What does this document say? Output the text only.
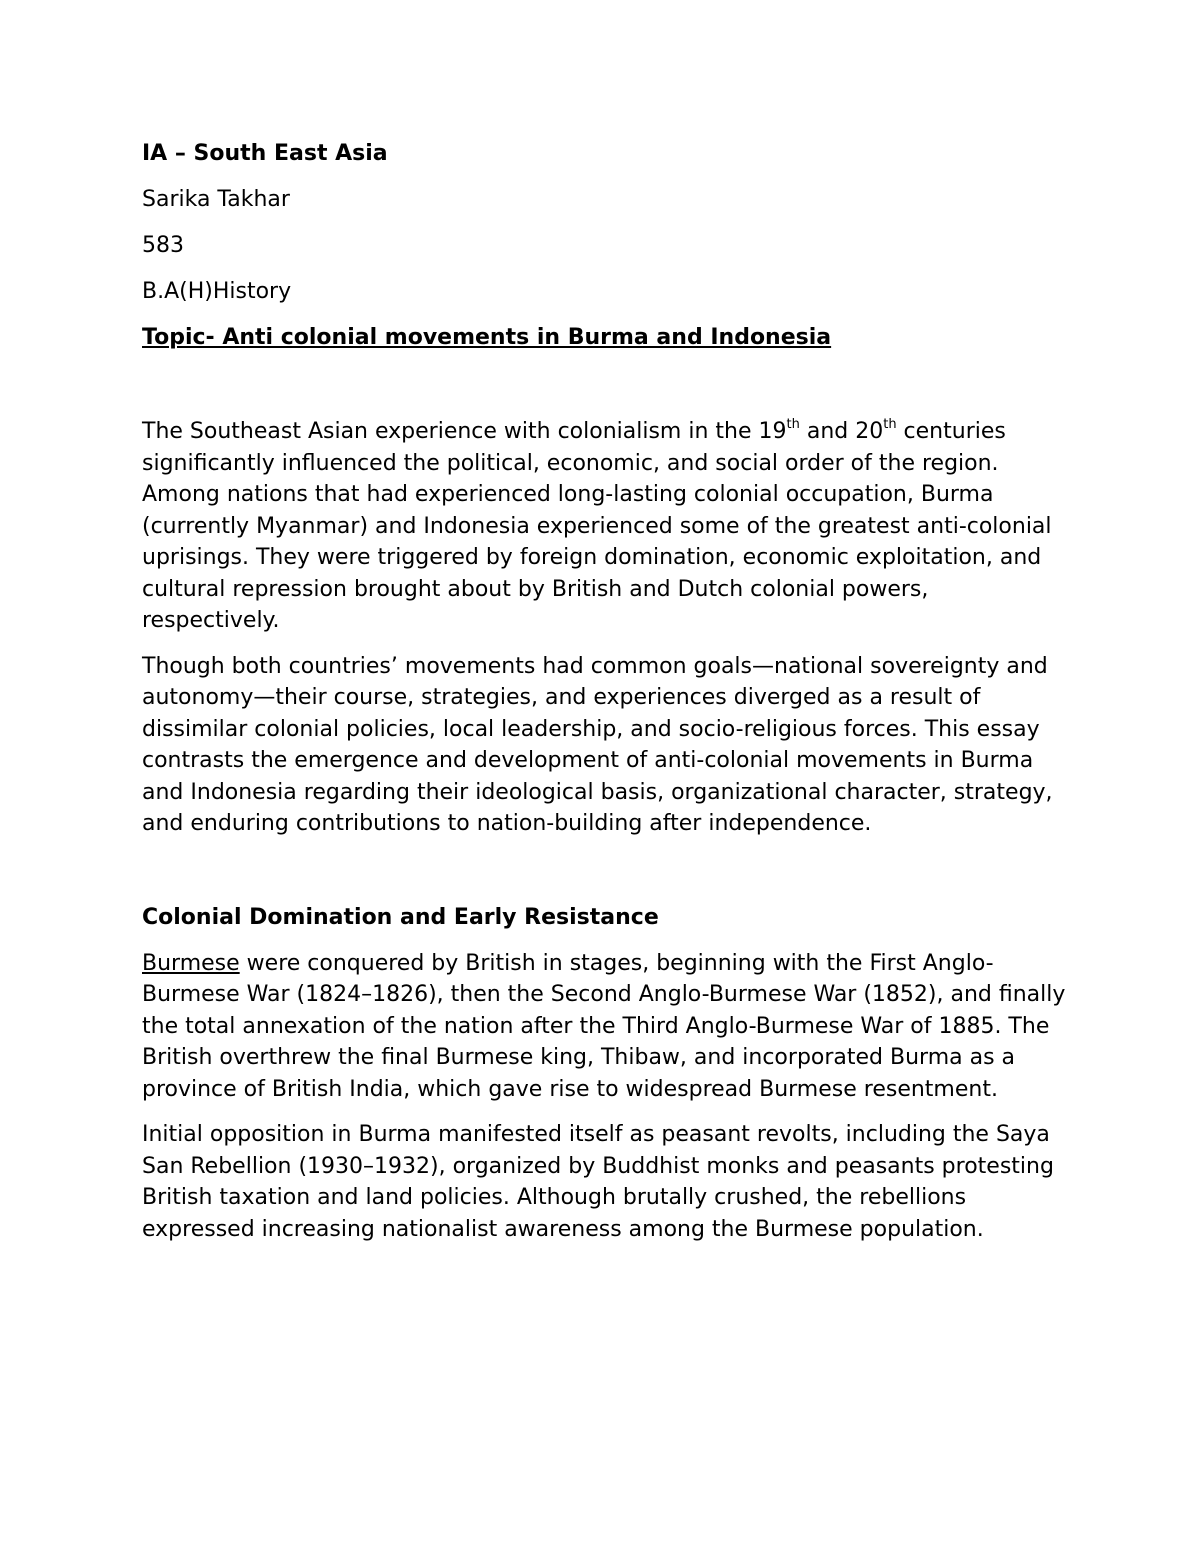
IA – South East Asia

Sarika Takhar

583

B.A(H)History

Topic- Anti colonial movements in Burma and Indonesia

The Southeast Asian experience with colonialism in the 19th and 20th centuries significantly influenced the political, economic, and social order of the region. Among nations that had experienced long-lasting colonial occupation, Burma (currently Myanmar) and Indonesia experienced some of the greatest anti-colonial uprisings. They were triggered by foreign domination, economic exploitation, and cultural repression brought about by British and Dutch colonial powers, respectively.

Though both countries’ movements had common goals—national sovereignty and autonomy—their course, strategies, and experiences diverged as a result of dissimilar colonial policies, local leadership, and socio-religious forces. This essay contrasts the emergence and development of anti-colonial movements in Burma and Indonesia regarding their ideological basis, organizational character, strategy, and enduring contributions to nation-building after independence.

Colonial Domination and Early Resistance

Burmese were conquered by British in stages, beginning with the First Anglo-Burmese War (1824–1826), then the Second Anglo-Burmese War (1852), and finally the total annexation of the nation after the Third Anglo-Burmese War of 1885. The British overthrew the final Burmese king, Thibaw, and incorporated Burma as a province of British India, which gave rise to widespread Burmese resentment.

Initial opposition in Burma manifested itself as peasant revolts, including the Saya San Rebellion (1930–1932), organized by Buddhist monks and peasants protesting British taxation and land policies. Although brutally crushed, the rebellions expressed increasing nationalist awareness among the Burmese population.
